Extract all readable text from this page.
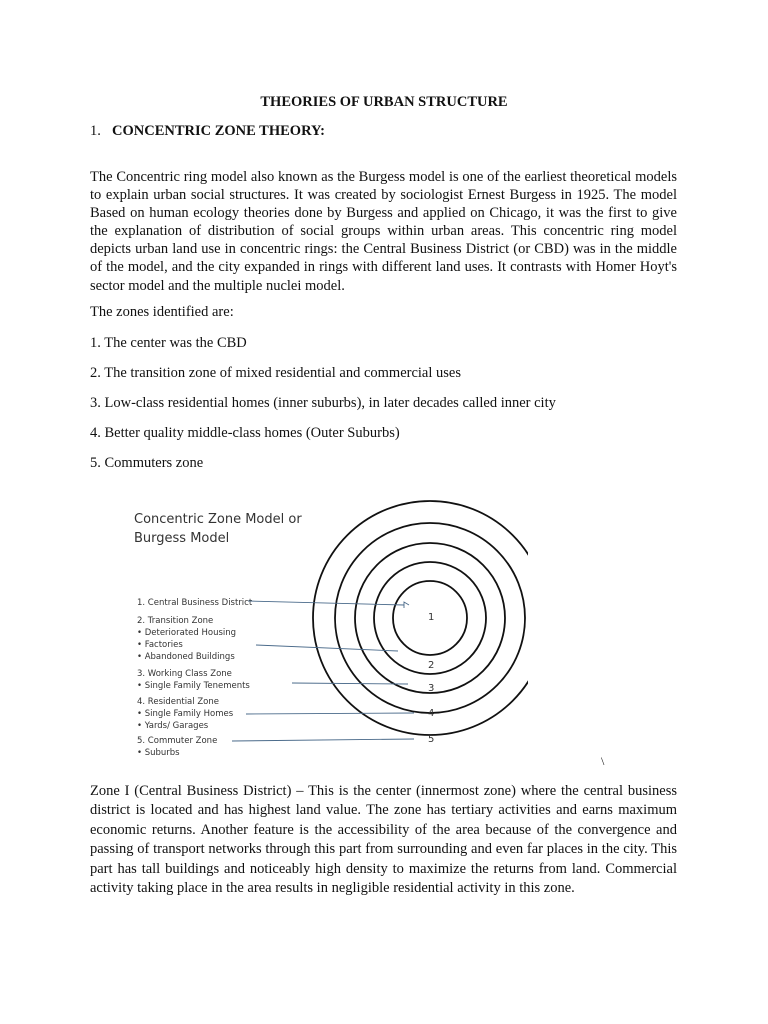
THEORIES OF URBAN STRUCTURE
1. CONCENTRIC ZONE THEORY:

The Concentric ring model also known as the Burgess model is one of the earliest theoretical models to explain urban social structures. It was created by sociologist Ernest Burgess in 1925. The model Based on human ecology theories done by Burgess and applied on Chicago, it was the first to give the explanation of distribution of social groups within urban areas. This concentric ring model depicts urban land use in concentric rings: the Central Business District (or CBD) was in the middle of the model, and the city expanded in rings with different land uses. It contrasts with Homer Hoyt's sector model and the multiple nuclei model.

The zones identified are:
1. The center was the CBD
2. The transition zone of mixed residential and commercial uses
3. Low-class residential homes (inner suburbs), in later decades called inner city
4. Better quality middle-class homes (Outer Suburbs)
5. Commuters zone
Concentric Zone Model or
Burgess Model
1. Central Business District
2. Transition Zone
• Deteriorated Housing
• Factories
• Abandoned Buildings
3. Working Class Zone
• Single Family Tenements
4. Residential Zone
• Single Family Homes
• Yards/ Garages
5. Commuter Zone
• Suburbs
1
2
3
4
5
\

Zone I (Central Business District) – This is the center (innermost zone) where the central business district is located and has highest land value. The zone has tertiary activities and earns maximum economic returns. Another feature is the accessibility of the area because of the convergence and passing of transport networks through this part from surrounding and even far places in the city. This part has tall buildings and noticeably high density to maximize the returns from land. Commercial activity taking place in the area results in negligible residential activity in this zone.
